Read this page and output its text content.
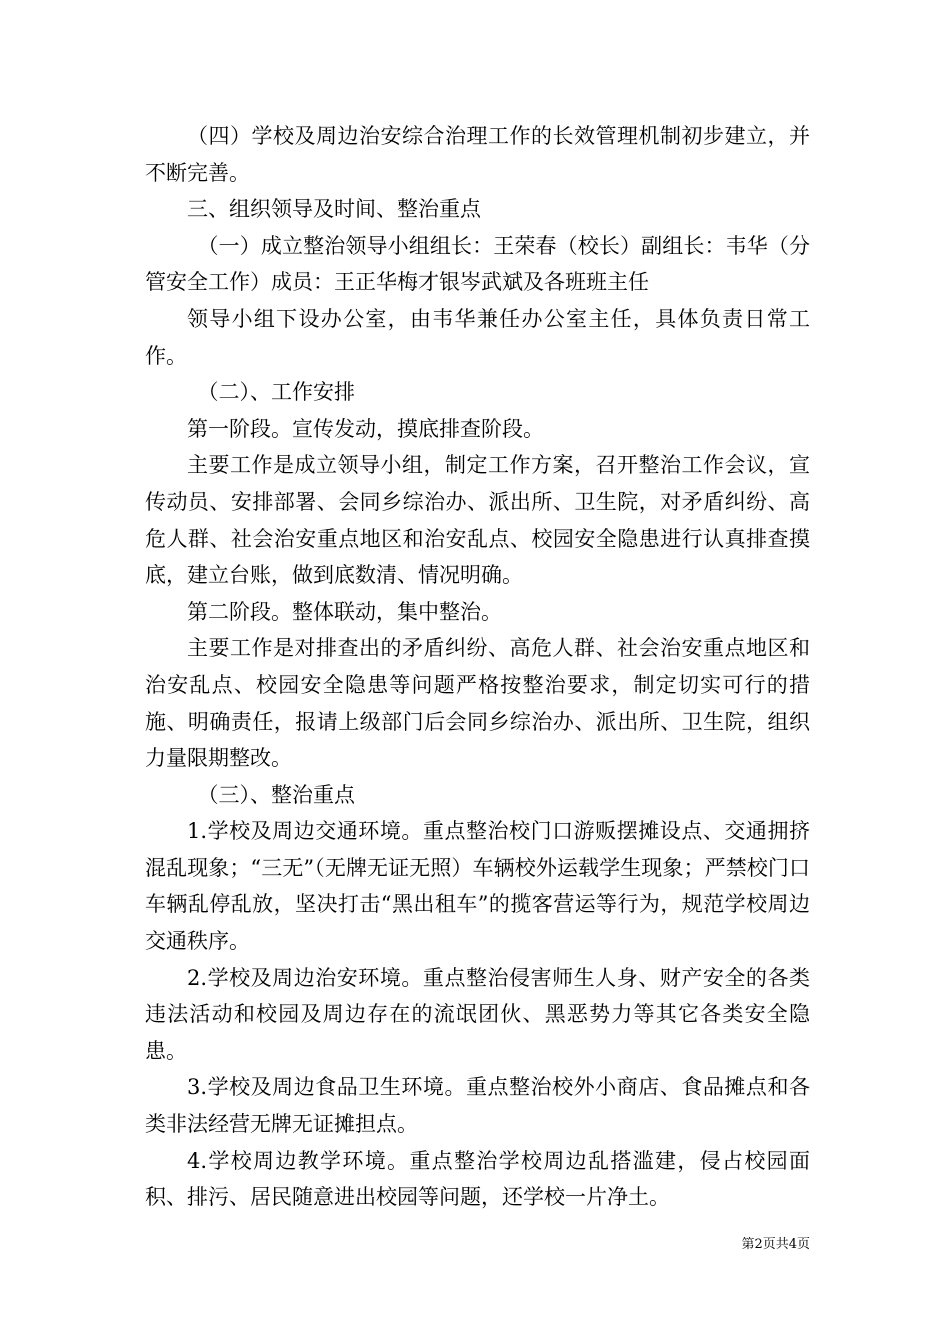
（四）学校及周边治安综合治理工作的长效管理机制初步建立，并不断完善。

三、组织领导及时间、整治重点

（一）成立整治领导小组组长：王荣春（校长）副组长：韦华（分管安全工作）成员：王正华梅才银岑武斌及各班班主任

领导小组下设办公室，由韦华兼任办公室主任，具体负责日常工作。

（二）、工作安排

第一阶段。宣传发动，摸底排查阶段。

主要工作是成立领导小组，制定工作方案，召开整治工作会议，宣传动员、安排部署、会同乡综治办、派出所、卫生院，对矛盾纠纷、高危人群、社会治安重点地区和治安乱点、校园安全隐患进行认真排查摸底，建立台账，做到底数清、情况明确。

第二阶段。整体联动，集中整治。

主要工作是对排查出的矛盾纠纷、高危人群、社会治安重点地区和治安乱点、校园安全隐患等问题严格按整治要求，制定切实可行的措施、明确责任，报请上级部门后会同乡综治办、派出所、卫生院，组织力量限期整改。

（三）、整治重点

1.学校及周边交通环境。重点整治校门口游贩摆摊设点、交通拥挤混乱现象；“三无”（无牌无证无照）车辆校外运载学生现象；严禁校门口车辆乱停乱放，坚决打击“黑出租车”的揽客营运等行为，规范学校周边交通秩序。

2.学校及周边治安环境。重点整治侵害师生人身、财产安全的各类违法活动和校园及周边存在的流氓团伙、黑恶势力等其它各类安全隐患。

3.学校及周边食品卫生环境。重点整治校外小商店、食品摊点和各类非法经营无牌无证摊担点。

4.学校周边教学环境。重点整治学校周边乱搭滥建，侵占校园面积、排污、居民随意进出校园等问题，还学校一片净土。

第2页共4页
